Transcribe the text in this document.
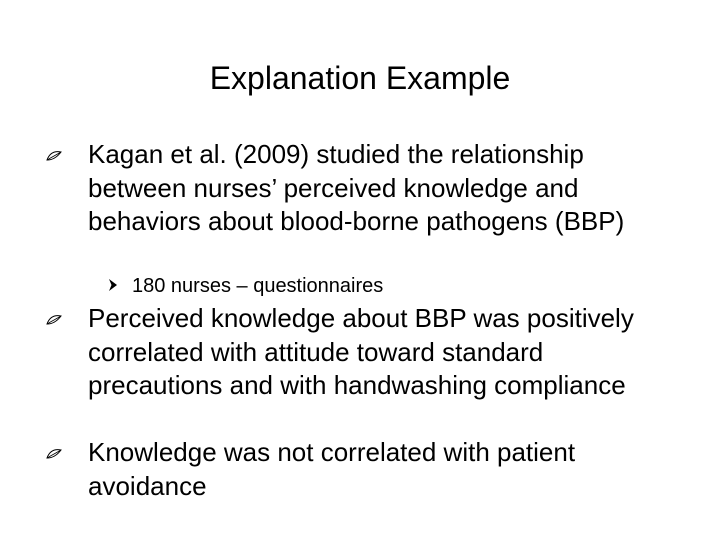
Explanation Example
Kagan et al. (2009) studied the relationship between nurses’ perceived knowledge and behaviors about blood-borne pathogens (BBP)
180 nurses – questionnaires
Perceived knowledge about BBP was positively correlated with attitude toward standard precautions and with handwashing compliance
Knowledge was not correlated with patient avoidance
